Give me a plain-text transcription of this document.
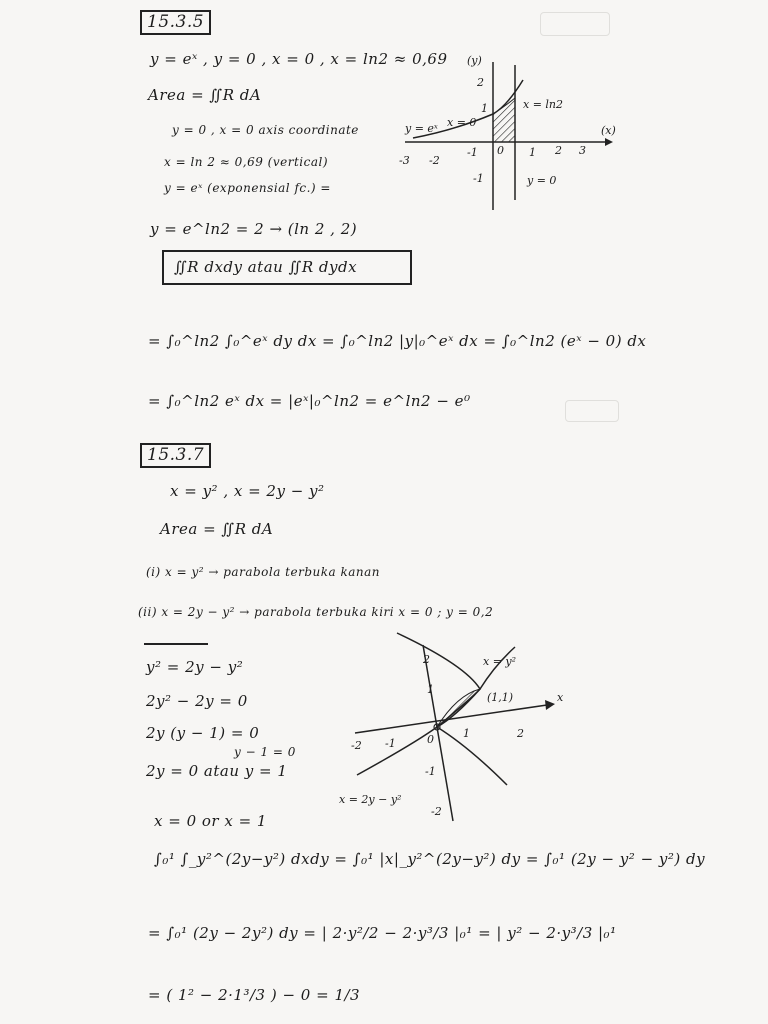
15.3.5
y = eˣ , y = 0 , x = 0 , x = ln2 ≈ 0,69
Area = ∬R dA
y = 0 , x = 0 axis coordinate
x = ln 2 ≈ 0,69 (vertical)
y = eˣ (exponensial fc.) =
y = e^ln2 = 2 → (ln 2 , 2)
∬R dxdy atau ∬R dydx
= ∫₀^ln2 ∫₀^eˣ dy dx = ∫₀^ln2 |y|₀^eˣ dx = ∫₀^ln2 (eˣ − 0) dx
= ∫₀^ln2 eˣ dx = |eˣ|₀^ln2 = e^ln2 − e⁰
(y)
(x)
y = eˣ x = 0
x = ln2
y = 0
-3 -2
-1 0 1 2 3
2
1
-1
15.3.7
x = y² , x = 2y − y²
Area = ∬R dA
(i) x = y² → parabola terbuka kanan
(ii) x = 2y − y² → parabola terbuka kiri x = 0 ; y = 0,2
y² = 2y − y²
2y² − 2y = 0
2y (y − 1) = 0
y − 1 = 0
2y = 0 atau y = 1
x = 0 or x = 1
∫₀¹ ∫_y²^(2y−y²) dxdy = ∫₀¹ |x|_y²^(2y−y²) dy = ∫₀¹ (2y − y² − y²) dy
= ∫₀¹ (2y − 2y²) dy = | 2·y²/2 − 2·y³/3 |₀¹ = | y² − 2·y³/3 |₀¹
= ( 1² − 2·1³/3 ) − 0 = 1/3
x
x = y²
x = 2y − y²
(1,1)
0
-2 -1
1	2
2
1
-1
-2
